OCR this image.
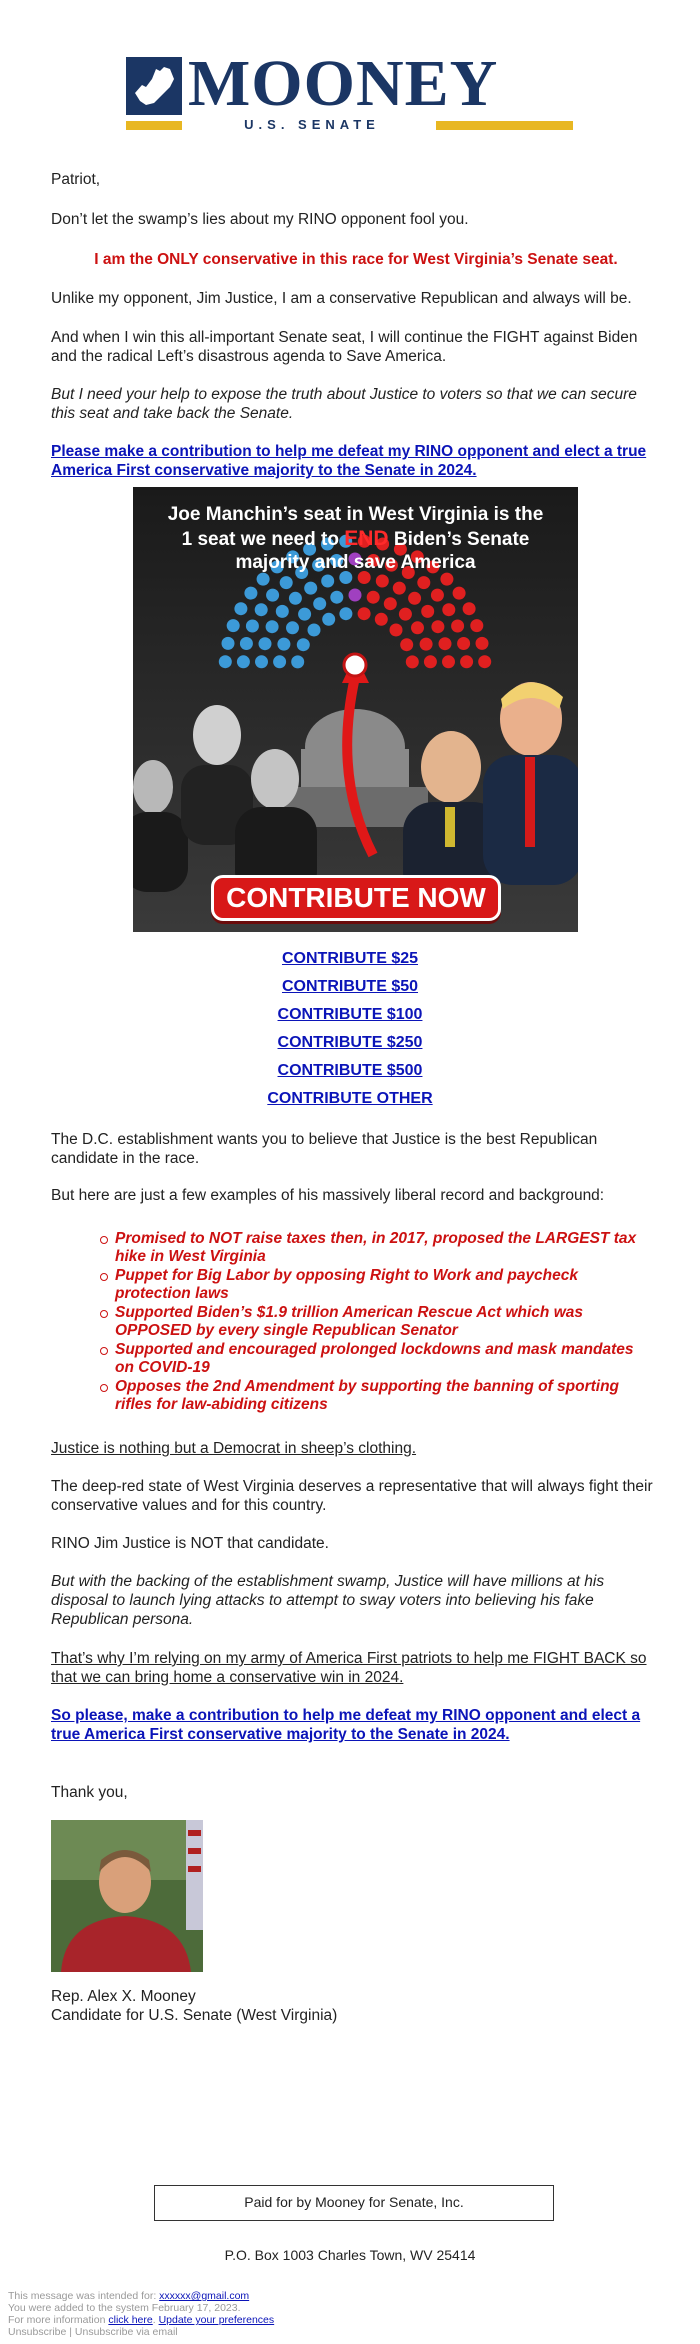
MOONEY
U.S. SENATE

Patriot,

Don’t let the swamp’s lies about my RINO opponent fool you.

I am the ONLY conservative in this race for West Virginia’s Senate seat.

Unlike my opponent, Jim Justice, I am a conservative Republican and always will be.

And when I win this all-important Senate seat, I will continue the FIGHT against Biden and the radical Left’s disastrous agenda to Save America.

But I need your help to expose the truth about Justice to voters so that we can secure this seat and take back the Senate.

Please make a contribution to help me defeat my RINO opponent and elect a true America First conservative majority to the Senate in 2024.
Joe Manchin’s seat in West Virginia is the
1 seat we need to END Biden’s Senate
majority and save America
CONTRIBUTE NOW
CONTRIBUTE $25
CONTRIBUTE $50
CONTRIBUTE $100
CONTRIBUTE $250
CONTRIBUTE $500
CONTRIBUTE OTHER

The D.C. establishment wants you to believe that Justice is the best Republican candidate in the race.

But here are just a few examples of his massively liberal record and background:

Promised to NOT raise taxes then, in 2017, proposed the LARGEST tax hike in West Virginia
Puppet for Big Labor by opposing Right to Work and paycheck protection laws
Supported Biden’s $1.9 trillion American Rescue Act which was OPPOSED by every single Republican Senator
Supported and encouraged prolonged lockdowns and mask mandates on COVID-19
Opposes the 2nd Amendment by supporting the banning of sporting rifles for law-abiding citizens

Justice is nothing but a Democrat in sheep’s clothing.

The deep-red state of West Virginia deserves a representative that will always fight their conservative values and for this country.

RINO Jim Justice is NOT that candidate.

But with the backing of the establishment swamp, Justice will have millions at his disposal to launch lying attacks to attempt to sway voters into believing his fake Republican persona.

That’s why I’m relying on my army of America First patriots to help me FIGHT BACK so that we can bring home a conservative win in 2024.

So please, make a contribution to help me defeat my RINO opponent and elect a true America First conservative majority to the Senate in 2024.

Thank you,

Rep. Alex X. Mooney

Candidate for U.S. Senate (West Virginia)

Paid for by Mooney for Senate, Inc.
P.O. Box 1003 Charles Town, WV 25414
This message was intended for: xxxxxx@gmail.com
You were added to the system February 17, 2023.
For more information click here. Update your preferences
Unsubscribe | Unsubscribe via email
